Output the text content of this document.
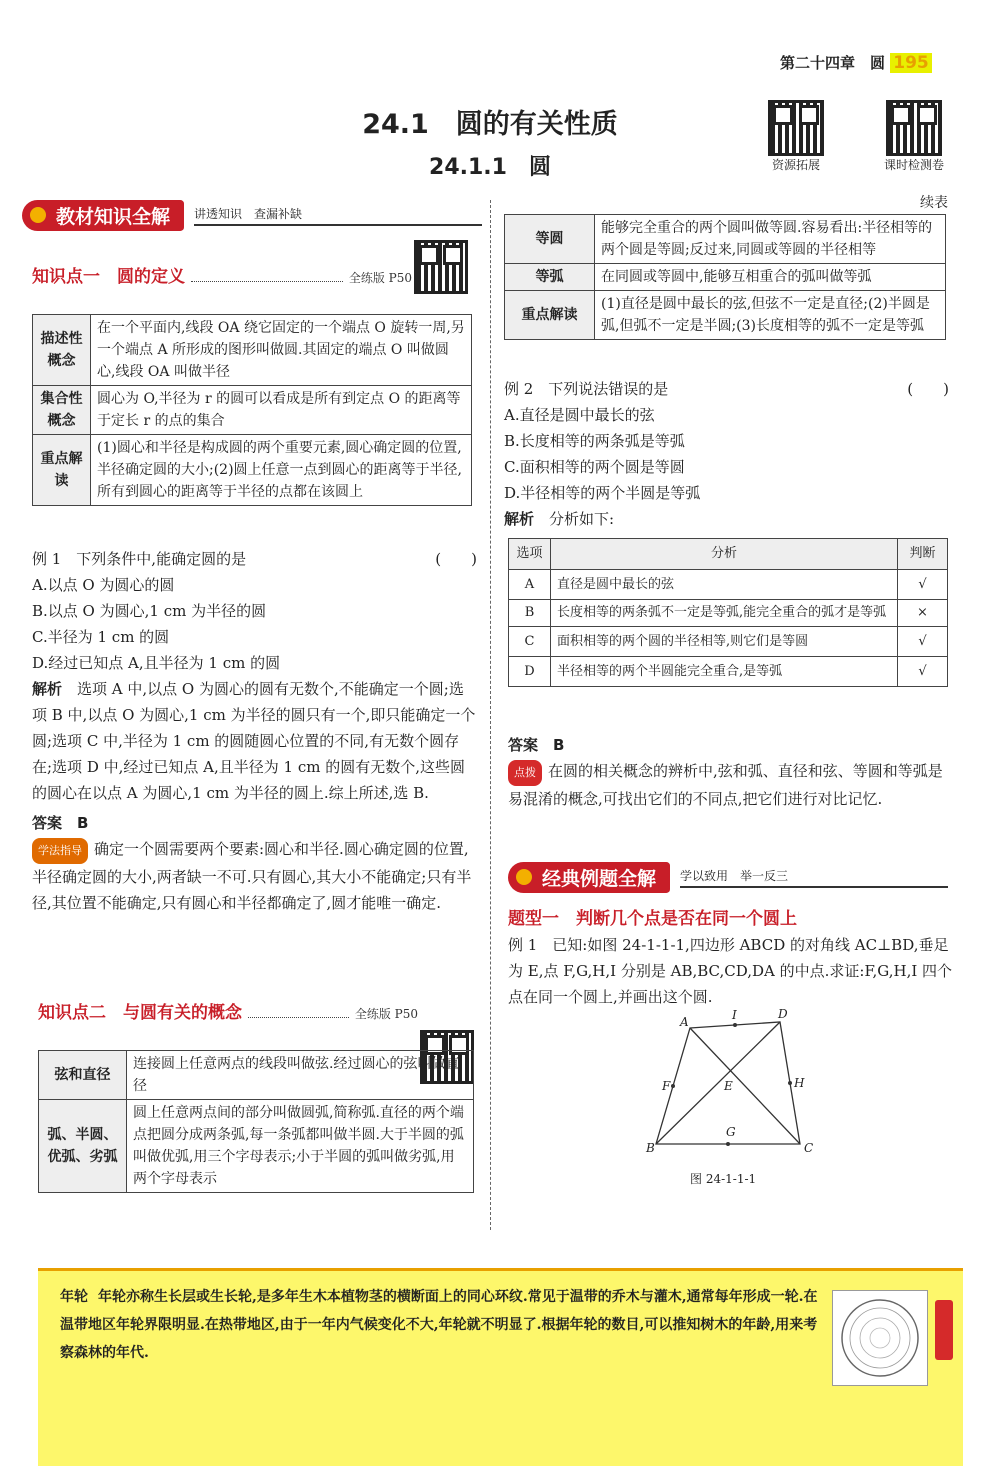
第二十四章　圆 195
24.1　圆的有关性质
24.1.1　圆	资源拓展	课时检测卷
教材知识全解	讲透知识　查漏补缺
知识点一　圆的定义	全练版 P50
描述性概念	在一个平面内,线段 OA 绕它固定的一个端点 O 旋转一周,另一个端点 A 所形成的图形叫做圆.其固定的端点 O 叫做圆心,线段 OA 叫做半径
集合性概念	圆心为 O,半径为 r 的圆可以看成是所有到定点 O 的距离等于定长 r 的点的集合
重点解读	(1)圆心和半径是构成圆的两个重要元素,圆心确定圆的位置,半径确定圆的大小;(2)圆上任意一点到圆心的距离等于半径,所有到圆心的距离等于半径的点都在该圆上
例 1　下列条件中,能确定圆的是	(　　)
A.以点 O 为圆心的圆
B.以点 O 为圆心,1 cm 为半径的圆
C.半径为 1 cm 的圆
D.经过已知点 A,且半径为 1 cm 的圆
解析　 选项 A 中,以点 O 为圆心的圆有无数个,不能确定一个圆;选项 B 中,以点 O 为圆心,1 cm 为半径的圆只有一个,即只能确定一个圆;选项 C 中,半径为 1 cm 的圆随圆心位置的不同,有无数个圆存在;选项 D 中,经过已知点 A,且半径为 1 cm 的圆有无数个,这些圆的圆心在以点 A 为圆心,1 cm 为半径的圆上.综上所述,选 B.
答案　 B
学法指导 确定一个圆需要两个要素:圆心和半径.圆心确定圆的位置,半径确定圆的大小,两者缺一不可.只有圆心,其大小不能确定;只有半径,其位置不能确定,只有圆心和半径都确定了,圆才能唯一确定.
知识点二　与圆有关的概念	全练版 P50
弦和直径	连接圆上任意两点的线段叫做弦.经过圆心的弦叫做直径
弧、半圆、优弧、劣弧	圆上任意两点间的部分叫做圆弧,简称弧.直径的两个端点把圆分成两条弧,每一条弧都叫做半圆.大于半圆的弧叫做优弧,用三个字母表示;小于半圆的弧叫做劣弧,用两个字母表示
续表
等圆	能够完全重合的两个圆叫做等圆.容易看出:半径相等的两个圆是等圆;反过来,同圆或等圆的半径相等
等弧	在同圆或等圆中,能够互相重合的弧叫做等弧
重点解读	(1)直径是圆中最长的弦,但弦不一定是直径;(2)半圆是弧,但弧不一定是半圆;(3)长度相等的弧不一定是等弧
例 2　下列说法错误的是	(　　)
A.直径是圆中最长的弦
B.长度相等的两条弧是等弧
C.面积相等的两个圆是等圆
D.半径相等的两个半圆是等弧
解析　 分析如下:
选项	分析	判断
A	直径是圆中最长的弦	√
B	长度相等的两条弧不一定是等弧,能完全重合的弧才是等弧	×
C	面积相等的两个圆的半径相等,则它们是等圆	√
D	半径相等的两个半圆能完全重合,是等弧	√
答案　 B
点拨 在圆的相关概念的辨析中,弦和弧、直径和弦、等圆和等弧是易混淆的概念,可找出它们的不同点,把它们进行对比记忆.
经典例题全解	学以致用　举一反三
题型一　判断几个点是否在同一个圆上
例 1　已知:如图 24-1-1-1,四边形 ABCD 的对角线 AC⊥BD,垂足为 E,点 F,G,H,I 分别是 AB,BC,CD,DA 的中点.求证:F,G,H,I 四个点在同一个圆上,并画出这个圆.
A	I	D
F	E	H
B
G
C
图 24-1-1-1
年轮 年轮亦称生长层或生长轮,是多年生木本植物茎的横断面上的同心环纹.常见于温带的乔木与灌木,通常每年形成一轮.在温带地区年轮界限明显.在热带地区,由于一年内气候变化不大,年轮就不明显了.根据年轮的数目,可以推知树木的年龄,用来考察森林的年代.
